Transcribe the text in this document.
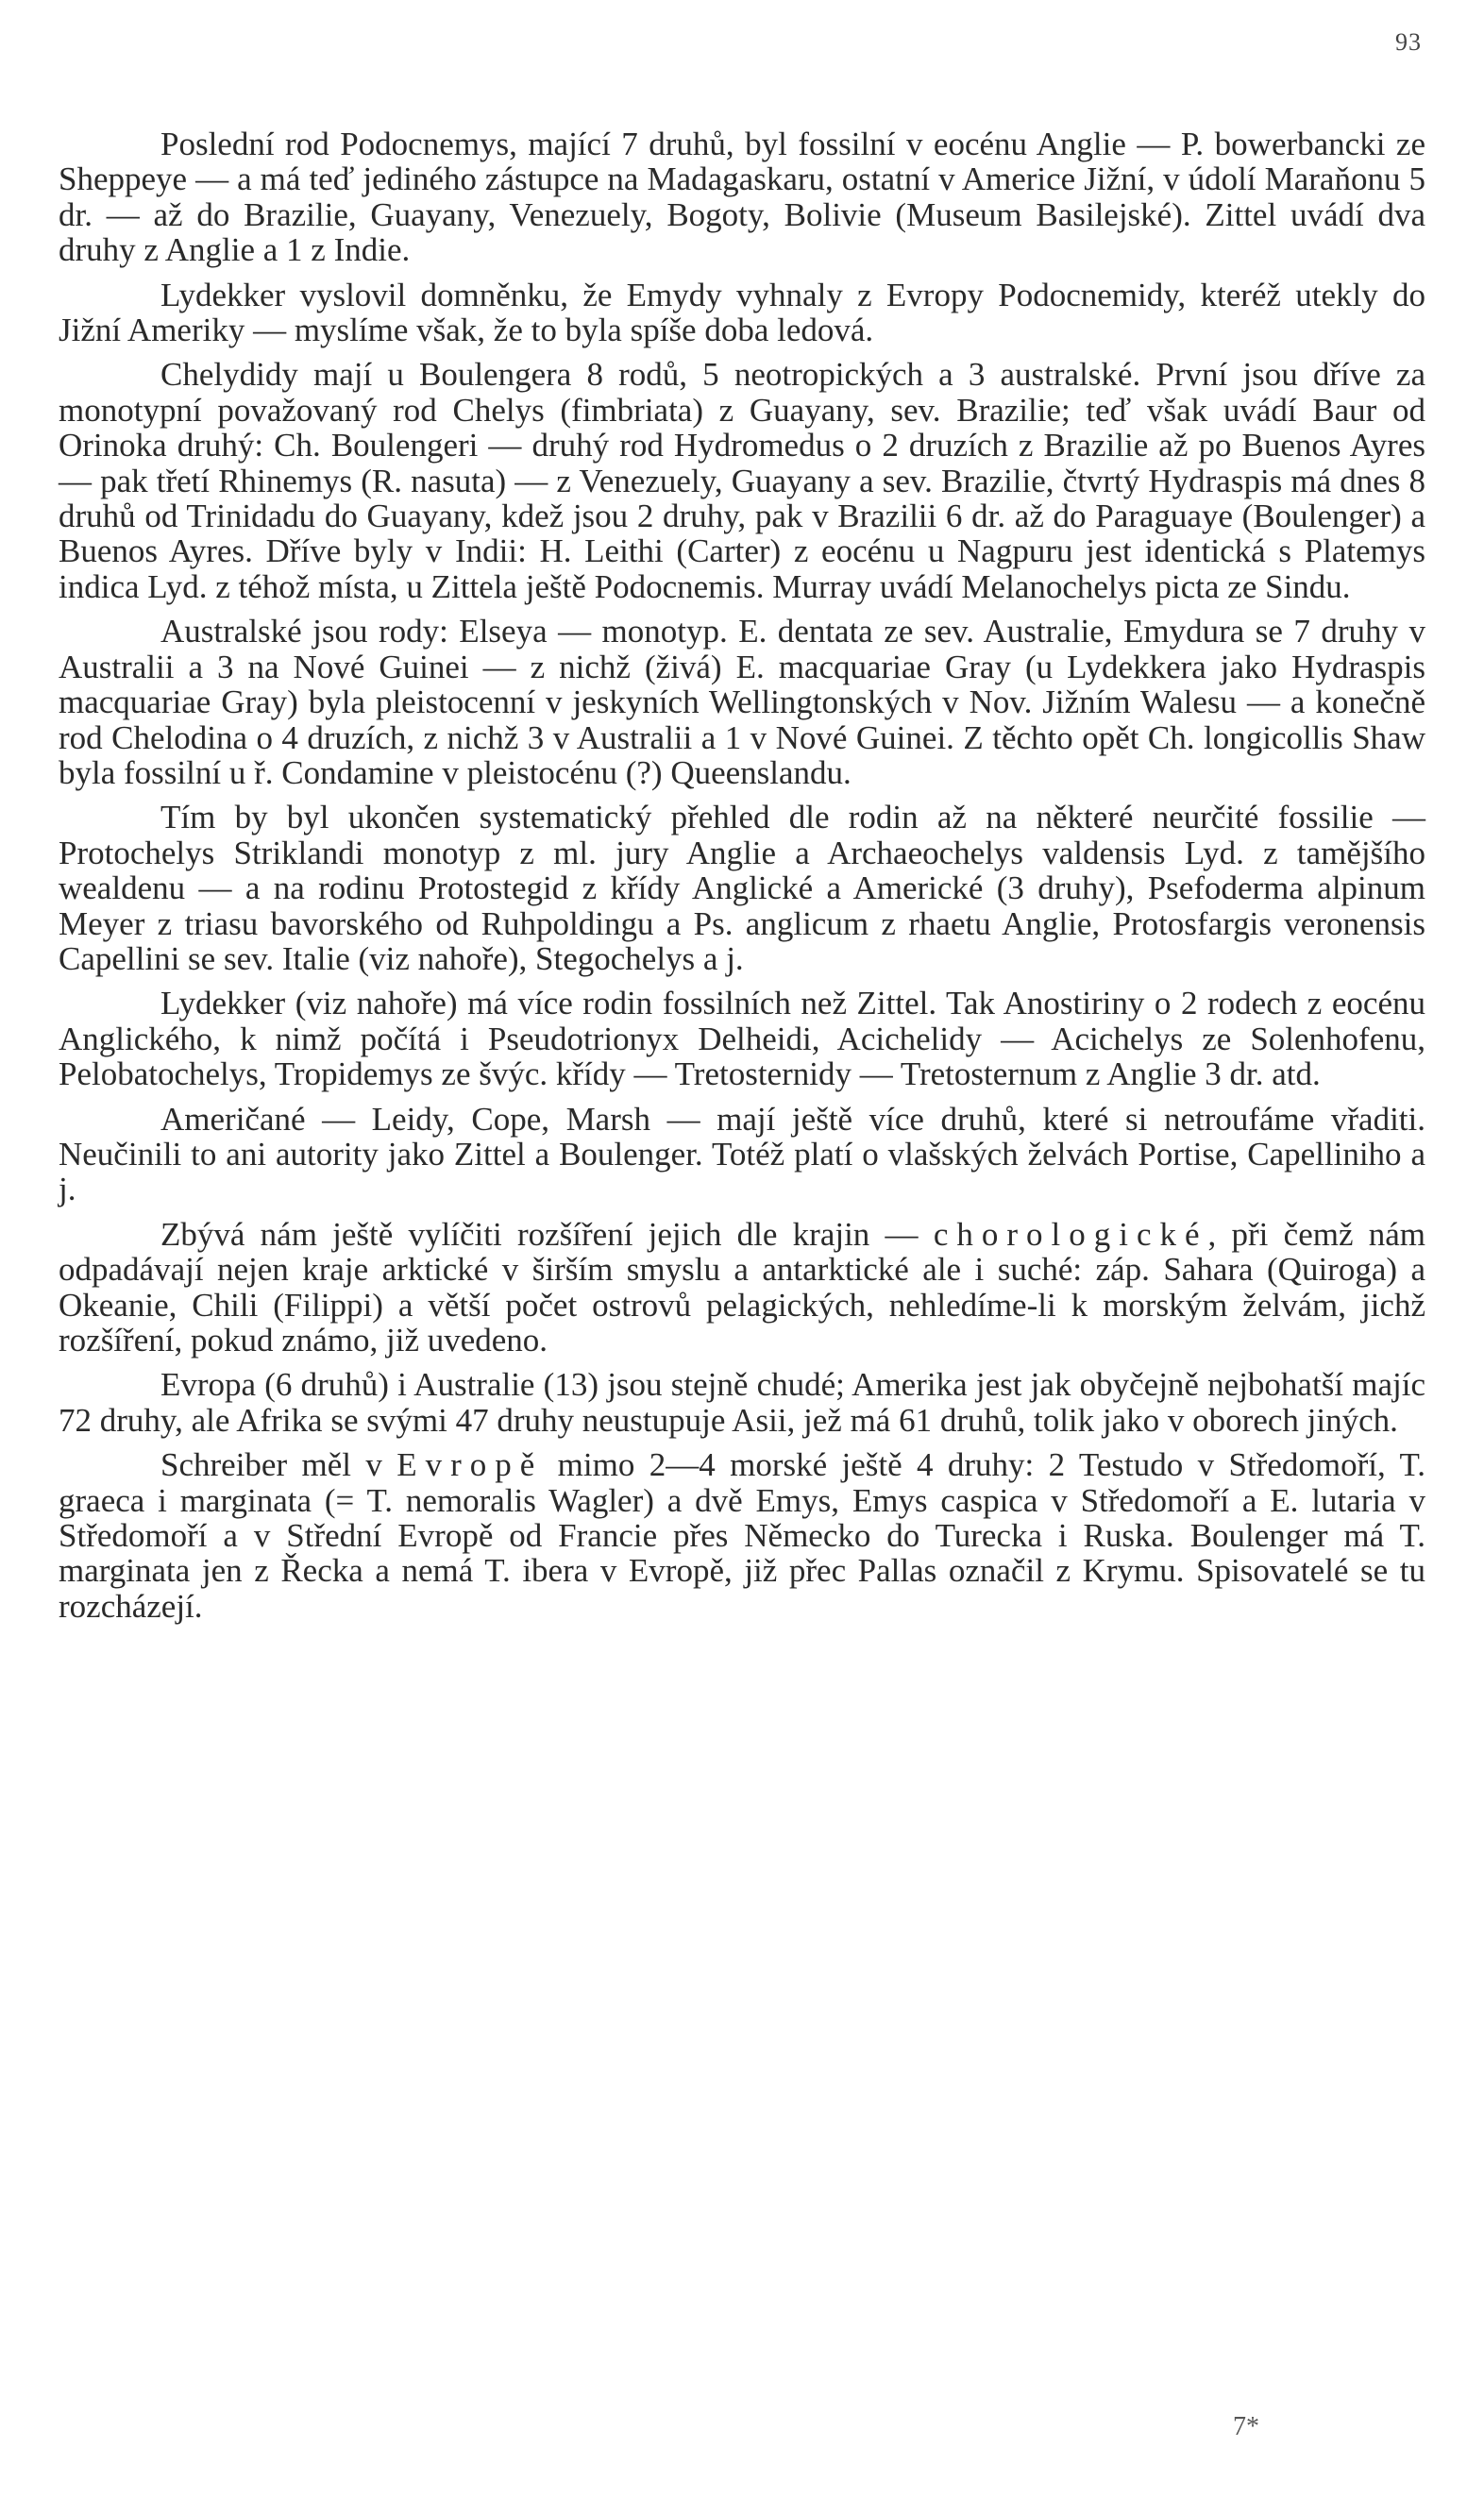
93

Poslední rod Podocnemys, mající 7 druhů, byl fossilní v eocénu Anglie — P. bowerbancki ze Sheppeye — a má teď jediného zástupce na Madagaskaru, ostatní v Americe Jižní, v údolí Maraňonu 5 dr. — až do Brazilie, Guayany, Venezuely, Bogoty, Bolivie (Museum Basilejské). Zittel uvádí dva druhy z Anglie a 1 z Indie.

Lydekker vyslovil domněnku, že Emydy vyhnaly z Evropy Podocnemidy, kteréž utekly do Jižní Ameriky — myslíme však, že to byla spíše doba ledová.

Chelydidy mají u Boulengera 8 rodů, 5 neotropických a 3 australské. První jsou dříve za monotypní považovaný rod Chelys (fimbriata) z Guayany, sev. Brazilie; teď však uvádí Baur od Orinoka druhý: Ch. Boulengeri — druhý rod Hydromedus o 2 druzích z Brazilie až po Buenos Ayres — pak třetí Rhinemys (R. nasuta) — z Venezuely, Guayany a sev. Brazilie, čtvrtý Hydraspis má dnes 8 druhů od Trinidadu do Guayany, kdež jsou 2 druhy, pak v Brazilii 6 dr. až do Paraguaye (Boulenger) a Buenos Ayres. Dříve byly v Indii: H. Leithi (Carter) z eocénu u Nagpuru jest identická s Platemys indica Lyd. z téhož místa, u Zittela ještě Podocnemis. Murray uvádí Melanochelys picta ze Sindu.

Australské jsou rody: Elseya — monotyp. E. dentata ze sev. Australie, Emydura se 7 druhy v Australii a 3 na Nové Guinei — z nichž (živá) E. macquariae Gray (u Lydekkera jako Hydraspis macquariae Gray) byla pleistocenní v jeskyních Wellingtonských v Nov. Jižním Walesu — a konečně rod Chelodina o 4 druzích, z nichž 3 v Australii a 1 v Nové Guinei. Z těchto opět Ch. longicollis Shaw byla fossilní u ř. Condamine v pleistocénu (?) Queenslandu.

Tím by byl ukončen systematický přehled dle rodin až na některé neurčité fossilie — Protochelys Striklandi monotyp z ml. jury Anglie a Archaeochelys valdensis Lyd. z tamějšího wealdenu — a na rodinu Protostegid z křídy Anglické a Americké (3 druhy), Psefoderma alpinum Meyer z triasu bavorského od Ruhpoldingu a Ps. anglicum z rhaetu Anglie, Protosfargis veronensis Capellini se sev. Italie (viz nahoře), Stegochelys a j.

Lydekker (viz nahoře) má více rodin fossilních než Zittel. Tak Anostiriny o 2 rodech z eocénu Anglického, k nimž počítá i Pseudotrionyx Delheidi, Acichelidy — Acichelys ze Solenhofenu, Pelobatochelys, Tropidemys ze švýc. křídy — Tretosternidy — Tretosternum z Anglie 3 dr. atd.

Američané — Leidy, Cope, Marsh — mají ještě více druhů, které si netroufáme vřaditi. Neučinili to ani autority jako Zittel a Boulenger. Totéž platí o vlašských želvách Portise, Capelliniho a j.

Zbývá nám ještě vylíčiti rozšíření jejich dle krajin — chorologické, při čemž nám odpadávají nejen kraje arktické v širším smyslu a antarktické ale i suché: záp. Sahara (Quiroga) a Okeanie, Chili (Filippi) a větší počet ostrovů pelagických, nehledíme-li k morským želvám, jichž rozšíření, pokud známo, již uvedeno.

Evropa (6 druhů) i Australie (13) jsou stejně chudé; Amerika jest jak obyčejně nejbohatší majíc 72 druhy, ale Afrika se svými 47 druhy neustupuje Asii, jež má 61 druhů, tolik jako v oborech jiných.

Schreiber měl v Evropě mimo 2—4 morské ještě 4 druhy: 2 Testudo v Středomoří, T. graeca i marginata (= T. nemoralis Wagler) a dvě Emys, Emys caspica v Středomoří a E. lutaria v Středomoří a v Střední Evropě od Francie přes Německo do Turecka i Ruska. Boulenger má T. marginata jen z Řecka a nemá T. ibera v Evropě, již přec Pallas označil z Krymu. Spisovatelé se tu rozcházejí.

7*
